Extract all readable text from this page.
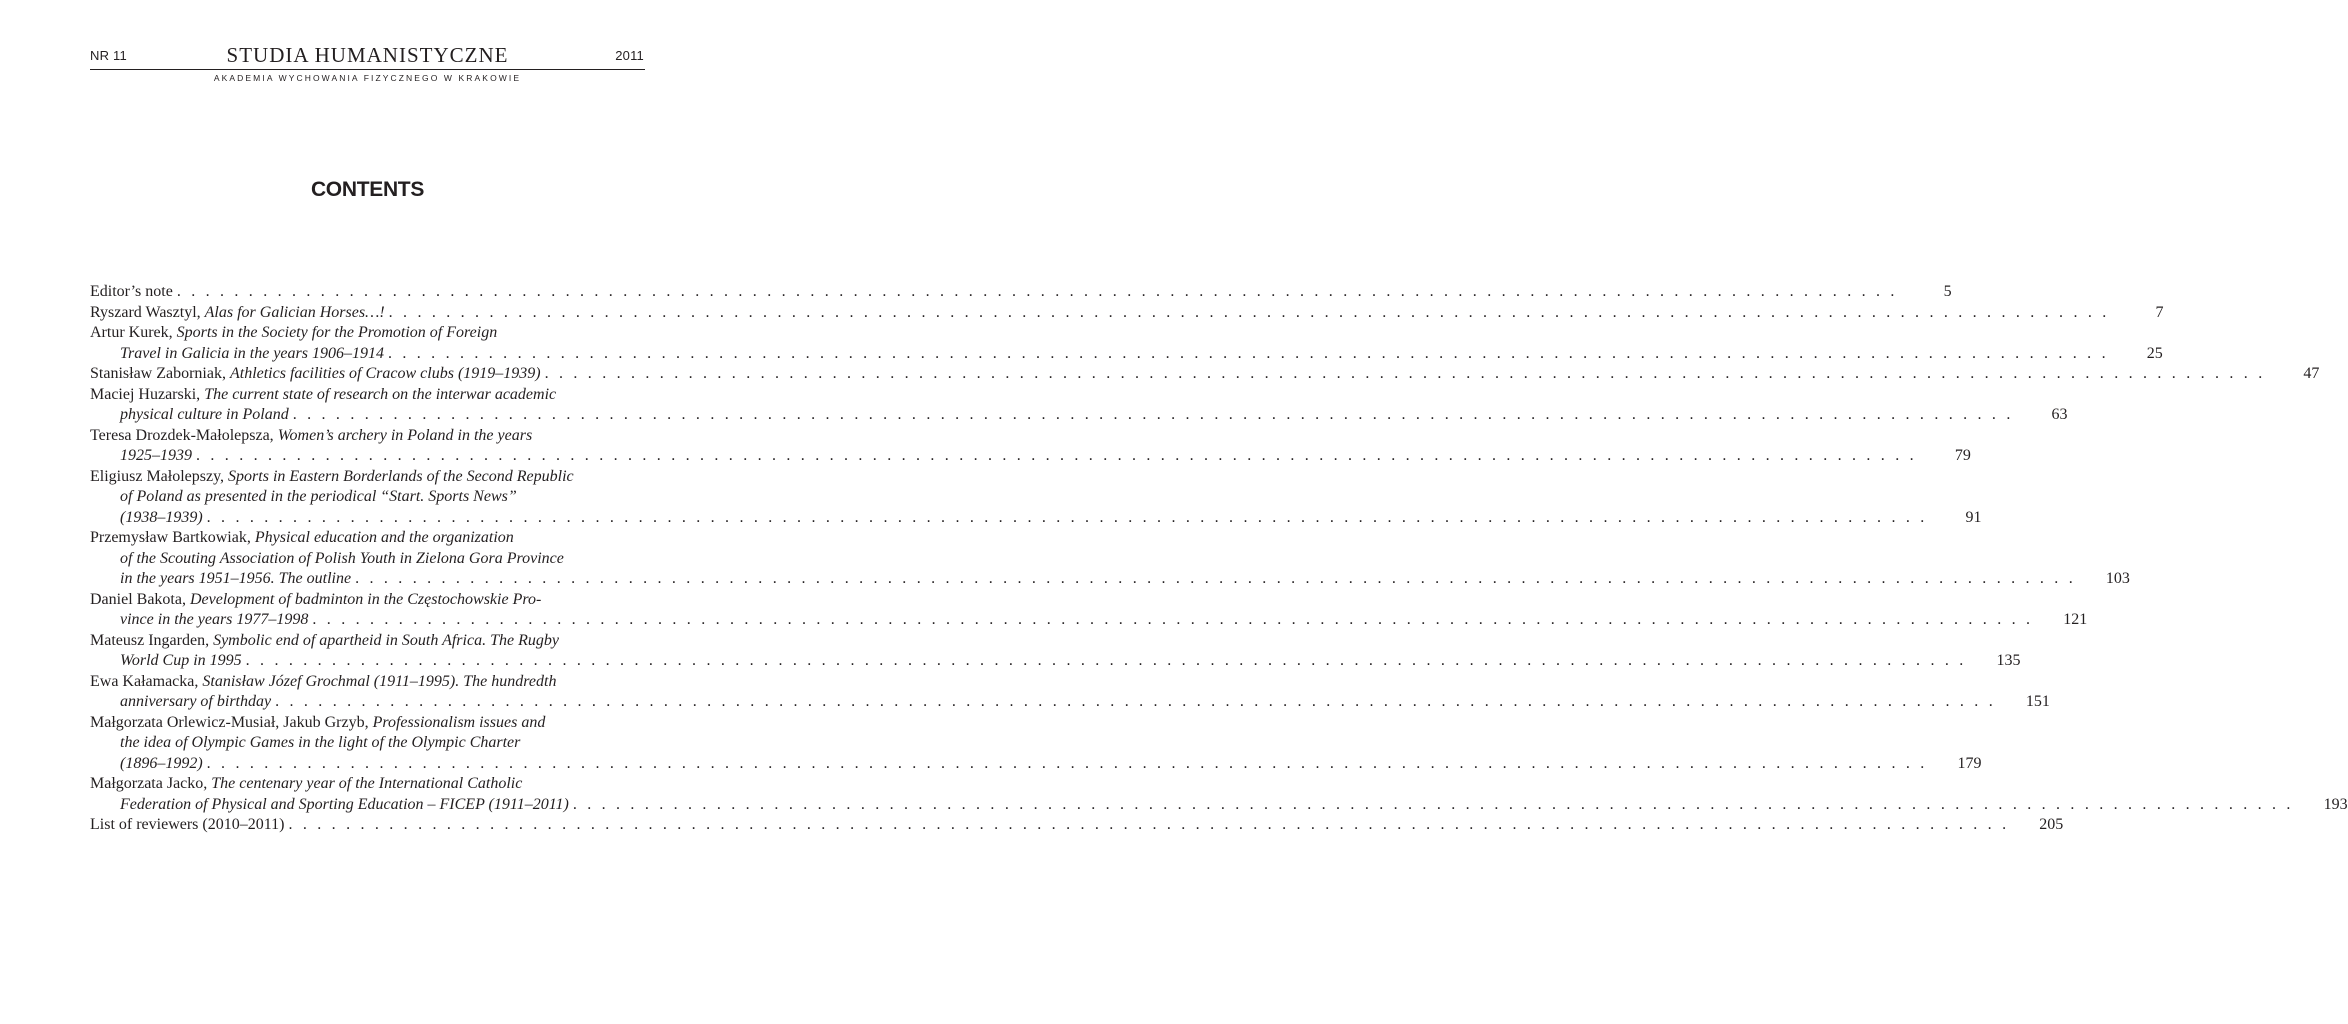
NR 11	STUDIA HUMANISTYCZNE	2011
AKADEMIA WYCHOWANIA FIZYCZNEGO W KRAKOWIE
CONTENTS
Editor’s note . . . . . . . . . . . . . . . . . . . . . . . . . . . . . . . . . . . . . . . . . . . . . . . . . . . . . . . . . . . . . . . . . . . . . . . . . . . . . . . . . . . . . . . . . . . . . . . . . . . . . . . . . . . . . . . . . . . . . . . .	5
Ryszard Wasztyl, Alas for Galician Horses…! . . . . . . . . . . . . . . . . . . . . . . . . . . . . . . . . . . . . . . . . . . . . . . . . . . . . . . . . . . . . . . . . . . . . . . . . . . . . . . . . . . . . . . . . . . . . . . . . . . . . . . . . . . . . . . . . . . . . . . . .	7
Artur Kurek, Sports in the Society for the Promotion of Foreign
Travel in Galicia in the years 1906–1914 . . . . . . . . . . . . . . . . . . . . . . . . . . . . . . . . . . . . . . . . . . . . . . . . . . . . . . . . . . . . . . . . . . . . . . . . . . . . . . . . . . . . . . . . . . . . . . . . . . . . . . . . . . . . . . . . . . . . . . . .	25
Stanisław Zaborniak, Athletics facilities of Cracow clubs (1919–1939) . . . . . . . . . . . . . . . . . . . . . . . . . . . . . . . . . . . . . . . . . . . . . . . . . . . . . . . . . . . . . . . . . . . . . . . . . . . . . . . . . . . . . . . . . . . . . . . . . . . . . . . . . . . . . . . . . . . . . . . .	47
Maciej Huzarski, The current state of research on the interwar academic
physical culture in Poland . . . . . . . . . . . . . . . . . . . . . . . . . . . . . . . . . . . . . . . . . . . . . . . . . . . . . . . . . . . . . . . . . . . . . . . . . . . . . . . . . . . . . . . . . . . . . . . . . . . . . . . . . . . . . . . . . . . . . . . .	63
Teresa Drozdek-Małolepsza, Women’s archery in Poland in the years
1925–1939 . . . . . . . . . . . . . . . . . . . . . . . . . . . . . . . . . . . . . . . . . . . . . . . . . . . . . . . . . . . . . . . . . . . . . . . . . . . . . . . . . . . . . . . . . . . . . . . . . . . . . . . . . . . . . . . . . . . . . . . .	79
Eligiusz Małolepszy, Sports in Eastern Borderlands of the Second Republic
of Poland as presented in the periodical “Start. Sports News”
(1938–1939) . . . . . . . . . . . . . . . . . . . . . . . . . . . . . . . . . . . . . . . . . . . . . . . . . . . . . . . . . . . . . . . . . . . . . . . . . . . . . . . . . . . . . . . . . . . . . . . . . . . . . . . . . . . . . . . . . . . . . . . .	91
Przemysław Bartkowiak, Physical education and the organization
of the Scouting Association of Polish Youth in Zielona Gora Province
in the years 1951–1956. The outline . . . . . . . . . . . . . . . . . . . . . . . . . . . . . . . . . . . . . . . . . . . . . . . . . . . . . . . . . . . . . . . . . . . . . . . . . . . . . . . . . . . . . . . . . . . . . . . . . . . . . . . . . . . . . . . . . . . . . . . .	103
Daniel Bakota, Development of badminton in the Częstochowskie Pro-
vince in the years 1977–1998 . . . . . . . . . . . . . . . . . . . . . . . . . . . . . . . . . . . . . . . . . . . . . . . . . . . . . . . . . . . . . . . . . . . . . . . . . . . . . . . . . . . . . . . . . . . . . . . . . . . . . . . . . . . . . . . . . . . . . . . .	121
Mateusz Ingarden, Symbolic end of apartheid in South Africa. The Rugby
World Cup in 1995 . . . . . . . . . . . . . . . . . . . . . . . . . . . . . . . . . . . . . . . . . . . . . . . . . . . . . . . . . . . . . . . . . . . . . . . . . . . . . . . . . . . . . . . . . . . . . . . . . . . . . . . . . . . . . . . . . . . . . . . .	135
Ewa Kałamacka, Stanisław Józef Grochmal (1911–1995). The hundredth
anniversary of birthday . . . . . . . . . . . . . . . . . . . . . . . . . . . . . . . . . . . . . . . . . . . . . . . . . . . . . . . . . . . . . . . . . . . . . . . . . . . . . . . . . . . . . . . . . . . . . . . . . . . . . . . . . . . . . . . . . . . . . . . .	151
Małgorzata Orlewicz-Musiał, Jakub Grzyb, Professionalism issues and
the idea of Olympic Games in the light of the Olympic Charter
(1896–1992) . . . . . . . . . . . . . . . . . . . . . . . . . . . . . . . . . . . . . . . . . . . . . . . . . . . . . . . . . . . . . . . . . . . . . . . . . . . . . . . . . . . . . . . . . . . . . . . . . . . . . . . . . . . . . . . . . . . . . . . .	179
Małgorzata Jacko, The centenary year of the International Catholic
Federation of Physical and Sporting Education – FICEP (1911–2011) . . . . . . . . . . . . . . . . . . . . . . . . . . . . . . . . . . . . . . . . . . . . . . . . . . . . . . . . . . . . . . . . . . . . . . . . . . . . . . . . . . . . . . . . . . . . . . . . . . . . . . . . . . . . . . . . . . . . . . . .	193
List of reviewers (2010–2011) . . . . . . . . . . . . . . . . . . . . . . . . . . . . . . . . . . . . . . . . . . . . . . . . . . . . . . . . . . . . . . . . . . . . . . . . . . . . . . . . . . . . . . . . . . . . . . . . . . . . . . . . . . . . . . . . . . . . . . . .	205
